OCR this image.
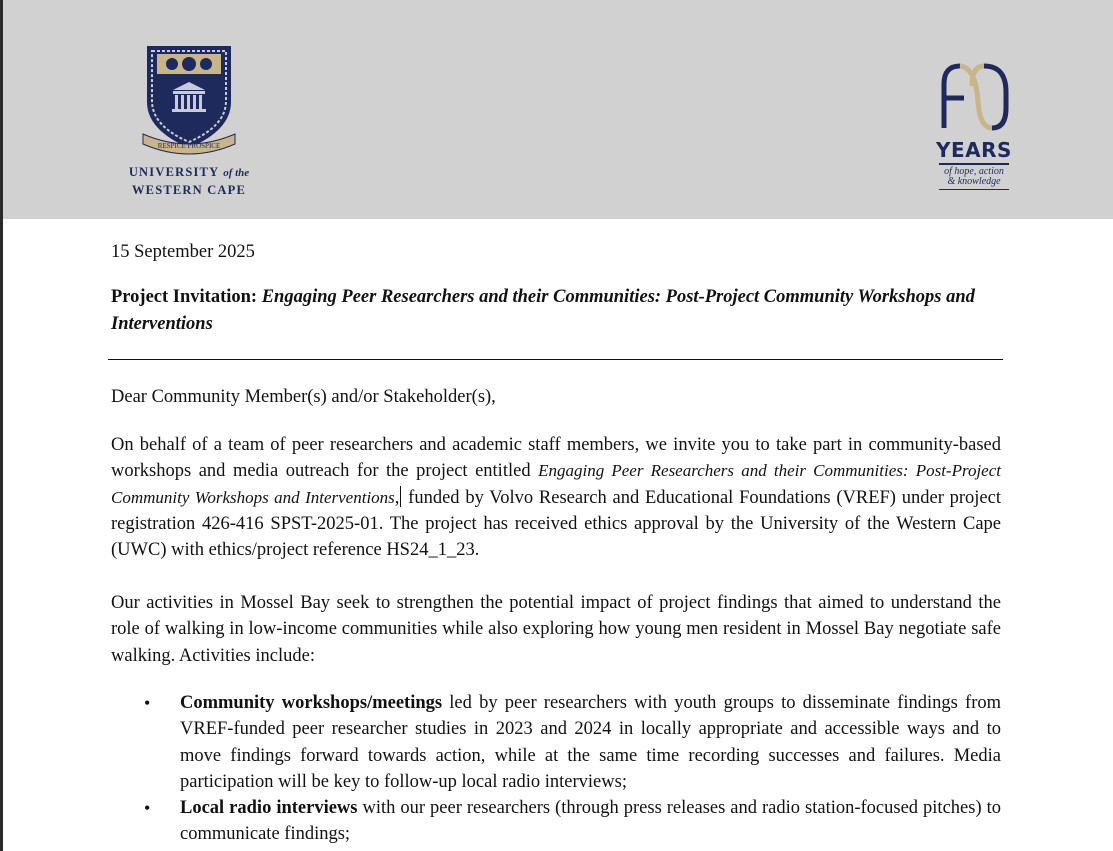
RESPICE PROSPICE
UNIVERSITY of the
WESTERN CAPE
YEARS
of hope, action
& knowledge
15 September 2025
Project Invitation: Engaging Peer Researchers and their Communities: Post-Project Community Workshops and Interventions
Dear Community Member(s) and/or Stakeholder(s),

On behalf of a team of peer researchers and academic staff members, we invite you to take part in community-based workshops and media outreach for the project entitled Engaging Peer Researchers and their Communities: Post-Project Community Workshops and Interventions, funded by Volvo Research and Educational Foundations (VREF) under project registration 426-416 SPST-2025-01. The project has received ethics approval by the University of the Western Cape (UWC) with ethics/project reference HS24_1_23.

Our activities in Mossel Bay seek to strengthen the potential impact of project findings that aimed to understand the role of walking in low-income communities while also exploring how young men resident in Mossel Bay negotiate safe walking. Activities include:

• Community workshops/meetings led by peer researchers with youth groups to disseminate findings from VREF-funded peer researcher studies in 2023 and 2024 in locally appropriate and accessible ways and to move findings forward towards action, while at the same time recording successes and failures. Media participation will be key to follow-up local radio interviews;
• Local radio interviews with our peer researchers (through press releases and radio station-focused pitches) to communicate findings;
